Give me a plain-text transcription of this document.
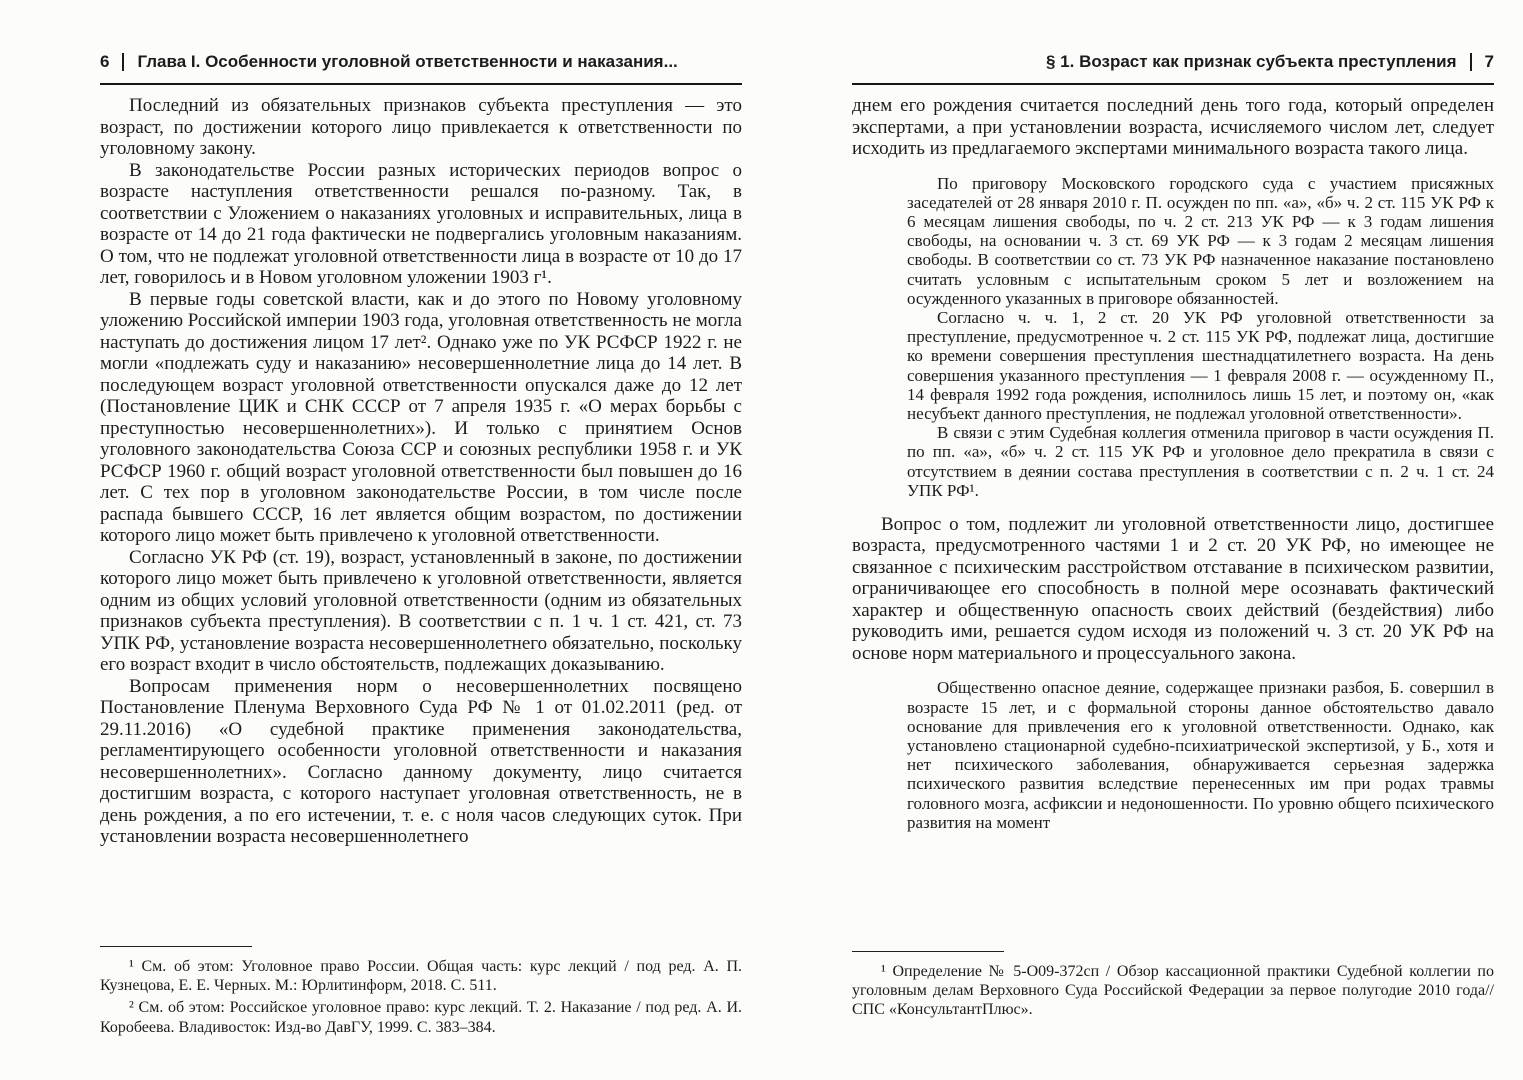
6 Глава I. Особенности уголовной ответственности и наказания...

Последний из обязательных признаков субъекта преступления — это возраст, по достижении которого лицо привлекается к ответственности по уголовному закону.

В законодательстве России разных исторических периодов вопрос о возрасте наступления ответственности решался по-разному. Так, в соответствии с Уложением о наказаниях уголовных и исправительных, лица в возрасте от 14 до 21 года фактически не подвергались уголовным наказаниям. О том, что не подлежат уголовной ответственности лица в возрасте от 10 до 17 лет, говорилось и в Новом уголовном уложении 1903 г¹.

В первые годы советской власти, как и до этого по Новому уголовному уложению Российской империи 1903 года, уголовная ответственность не могла наступать до достижения лицом 17 лет². Однако уже по УК РСФСР 1922 г. не могли «подлежать суду и наказанию» несовершеннолетние лица до 14 лет. В последующем возраст уголовной ответственности опускался даже до 12 лет (Постановление ЦИК и СНК СССР от 7 апреля 1935 г. «О мерах борьбы с преступностью несовершеннолетних»). И только с принятием Основ уголовного законодательства Союза ССР и союзных республики 1958 г. и УК РСФСР 1960 г. общий возраст уголовной ответственности был повышен до 16 лет. С тех пор в уголовном законодательстве России, в том числе после распада бывшего СССР, 16 лет является общим возрастом, по достижении которого лицо может быть привлечено к уголовной ответственности.

Согласно УК РФ (ст. 19), возраст, установленный в законе, по достижении которого лицо может быть привлечено к уголовной ответственности, является одним из общих условий уголовной ответственности (одним из обязательных признаков субъекта преступления). В соответствии с п. 1 ч. 1 ст. 421, ст. 73 УПК РФ, установление возраста несовершеннолетнего обязательно, поскольку его возраст входит в число обстоятельств, подлежащих доказыванию.

Вопросам применения норм о несовершеннолетних посвящено Постановление Пленума Верховного Суда РФ № 1 от 01.02.2011 (ред. от 29.11.2016) «О судебной практике применения законодательства, регламентирующего особенности уголовной ответственности и наказания несовершеннолетних». Согласно данному документу, лицо считается достигшим возраста, с которого наступает уголовная ответственность, не в день рождения, а по его истечении, т. е. с ноля часов следующих суток. При установлении возраста несовершеннолетнего

¹ См. об этом: Уголовное право России. Общая часть: курс лекций / под ред. А. П. Кузнецова, Е. Е. Черных. М.: Юрлитинформ, 2018. С. 511.

² См. об этом: Российское уголовное право: курс лекций. Т. 2. Наказание / под ред. А. И. Коробеева. Владивосток: Изд-во ДавГУ, 1999. С. 383–384.

§ 1. Возраст как признак субъекта преступления 7

днем его рождения считается последний день того года, который определен экспертами, а при установлении возраста, исчисляемого числом лет, следует исходить из предлагаемого экспертами минимального возраста такого лица.

По приговору Московского городского суда с участием присяжных заседателей от 28 января 2010 г. П. осужден по пп. «а», «б» ч. 2 ст. 115 УК РФ к 6 месяцам лишения свободы, по ч. 2 ст. 213 УК РФ — к 3 годам лишения свободы, на основании ч. 3 ст. 69 УК РФ — к 3 годам 2 месяцам лишения свободы. В соответствии со ст. 73 УК РФ назначенное наказание постановлено считать условным с испытательным сроком 5 лет и возложением на осужденного указанных в приговоре обязанностей.

Согласно ч. ч. 1, 2 ст. 20 УК РФ уголовной ответственности за преступление, предусмотренное ч. 2 ст. 115 УК РФ, подлежат лица, достигшие ко времени совершения преступления шестнадцатилетнего возраста. На день совершения указанного преступления — 1 февраля 2008 г. — осужденному П., 14 февраля 1992 года рождения, исполнилось лишь 15 лет, и поэтому он, «как несубъект данного преступления, не подлежал уголовной ответственности».

В связи с этим Судебная коллегия отменила приговор в части осуждения П. по пп. «а», «б» ч. 2 ст. 115 УК РФ и уголовное дело прекратила в связи с отсутствием в деянии состава преступления в соответствии с п. 2 ч. 1 ст. 24 УПК РФ¹.

Вопрос о том, подлежит ли уголовной ответственности лицо, достигшее возраста, предусмотренного частями 1 и 2 ст. 20 УК РФ, но имеющее не связанное с психическим расстройством отставание в психическом развитии, ограничивающее его способность в полной мере осознавать фактический характер и общественную опасность своих действий (бездействия) либо руководить ими, решается судом исходя из положений ч. 3 ст. 20 УК РФ на основе норм материального и процессуального закона.

Общественно опасное деяние, содержащее признаки разбоя, Б. совершил в возрасте 15 лет, и с формальной стороны данное обстоятельство давало основание для привлечения его к уголовной ответственности. Однако, как установлено стационарной судебно-психиатрической экспертизой, у Б., хотя и нет психического заболевания, обнаруживается серьезная задержка психического развития вследствие перенесенных им при родах травмы головного мозга, асфиксии и недоношенности. По уровню общего психического развития на момент

¹ Определение № 5-О09-372сп / Обзор кассационной практики Судебной коллегии по уголовным делам Верховного Суда Российской Федерации за первое полугодие 2010 года//СПС «КонсультантПлюс».
